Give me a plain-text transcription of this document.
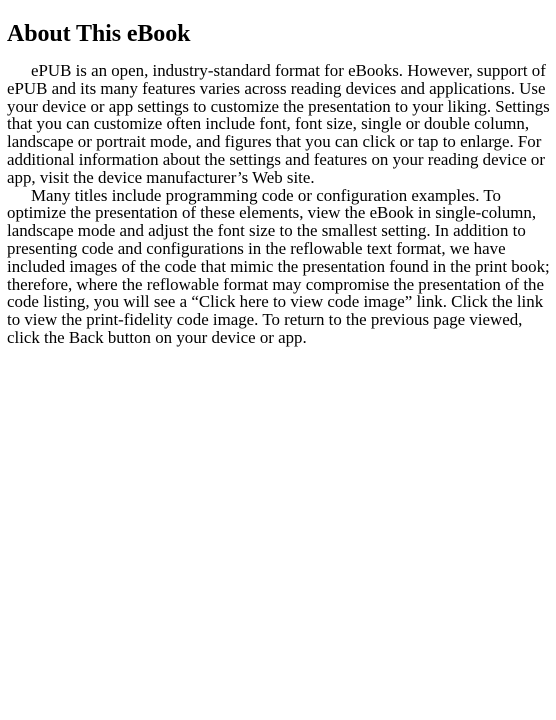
About This eBook

ePUB is an open, industry-standard format for eBooks. However, support of ePUB and its many features varies across reading devices and applications. Use your device or app settings to customize the presentation to your liking. Settings that you can customize often include font, font size, single or double column, landscape or portrait mode, and figures that you can click or tap to enlarge. For additional information about the settings and features on your reading device or app, visit the device manufacturer’s Web site.

Many titles include programming code or configuration examples. To optimize the presentation of these elements, view the eBook in single-column, landscape mode and adjust the font size to the smallest setting. In addition to presenting code and configurations in the reflowable text format, we have included images of the code that mimic the presentation found in the print book; therefore, where the reflowable format may compromise the presentation of the code listing, you will see a “Click here to view code image” link. Click the link to view the print-fidelity code image. To return to the previous page viewed, click the Back button on your device or app.
